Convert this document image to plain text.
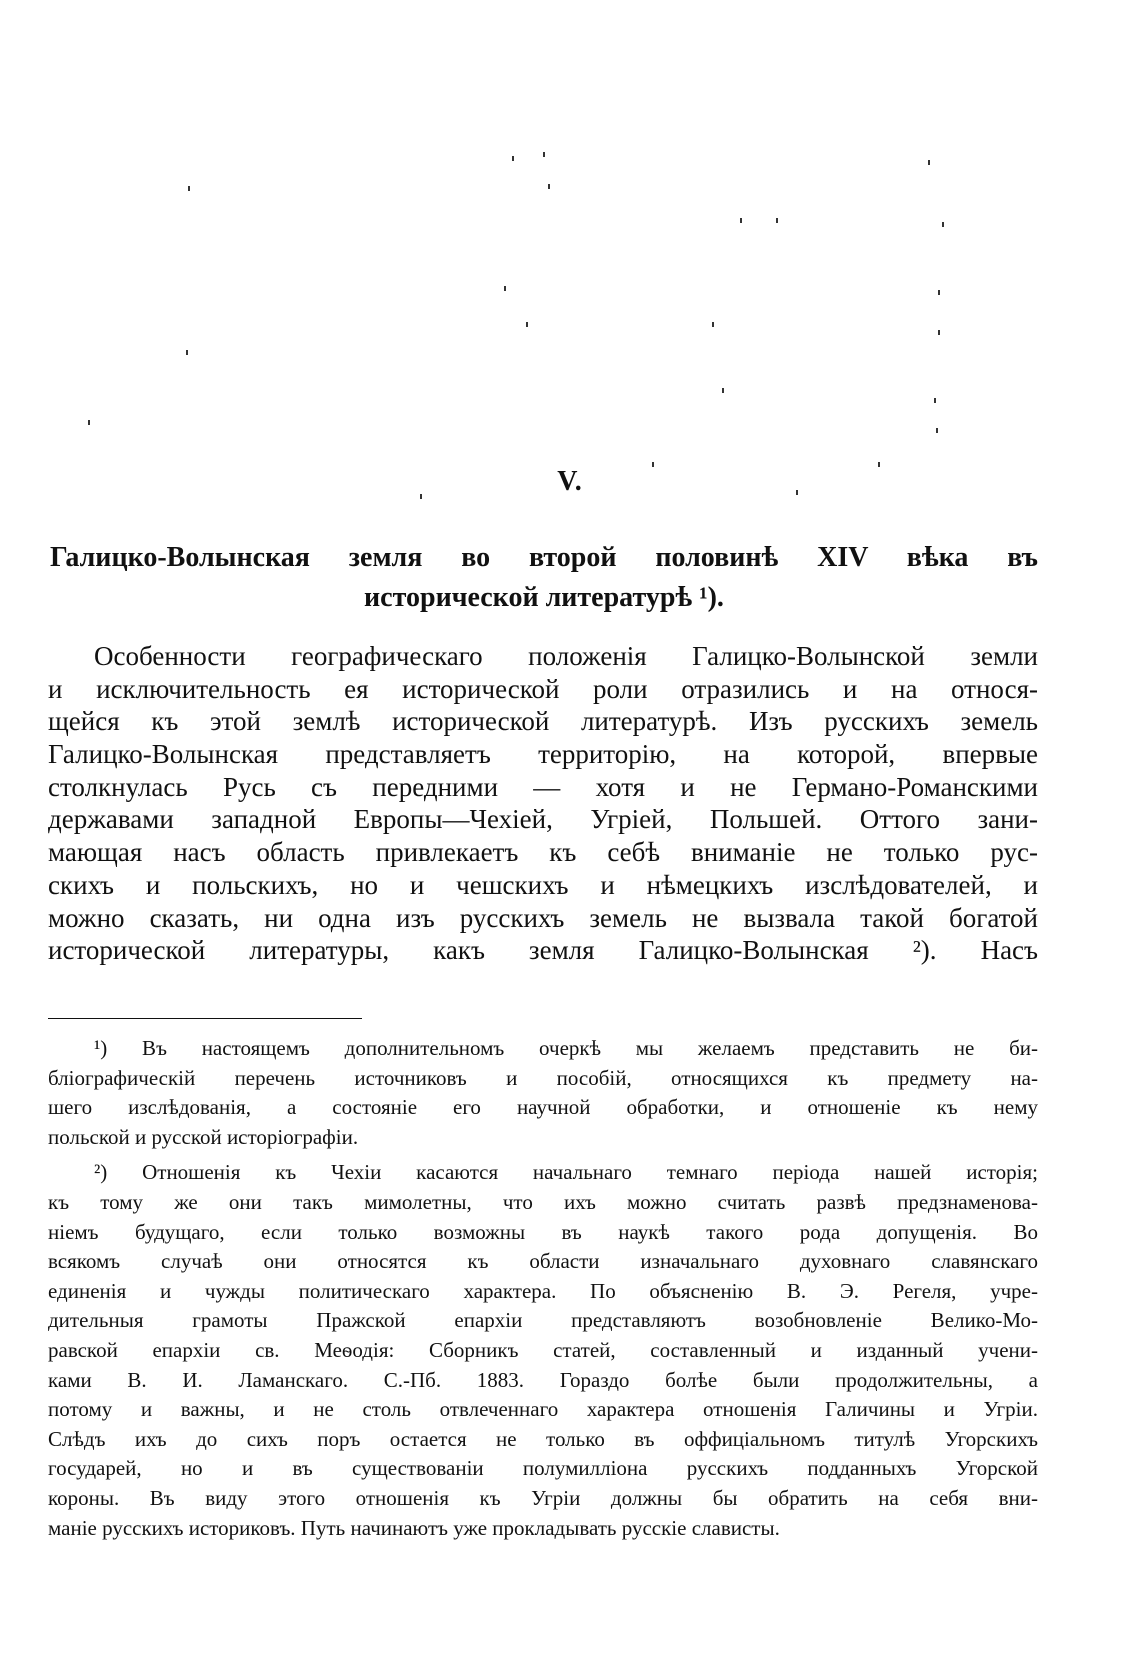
V.
Галицко-Волынская земля во второй половинѣ XIV вѣка въ
исторической литературѣ ¹).
Особенности географическаго положенія Галицко-Волынской земли
и исключительность ея исторической роли отразились и на относя-
щейся къ этой землѣ исторической литературѣ. Изъ русскихъ земель
Галицко-Волынская представляетъ территорію, на которой, впервые
столкнулась Русь съ передними — хотя и не Германо-Романскими
державами западной Европы—Чехіей, Угріей, Польшей. Оттого зани-
мающая насъ область привлекаетъ къ себѣ вниманіе не только рус-
скихъ и польскихъ, но и чешскихъ и нѣмецкихъ изслѣдователей, и
можно сказать, ни одна изъ русскихъ земель не вызвала такой богатой
исторической литературы, какъ земля Галицко-Волынская ²). Насъ
¹) Въ настоящемъ дополнительномъ очеркѣ мы желаемъ представить не би-
бліографическій перечень источниковъ и пособій, относящихся къ предмету на-
шего изслѣдованія, а состояніе его научной обработки, и отношеніе къ нему
польской и русской исторіографіи.
²) Отношенія къ Чехіи касаются начальнаго темнаго періода нашей исторія;
къ тому же они такъ мимолетны, что ихъ можно считать развѣ предзнаменова-
ніемъ будущаго, если только возможны въ наукѣ такого рода допущенія. Во
всякомъ случаѣ они относятся къ области изначальнаго духовнаго славянскаго
единенія и чужды политическаго характера. По объясненію В. Э. Регеля, учре-
дительныя грамоты Пражской епархіи представляютъ возобновленіе Велико-Мо-
равской епархіи св. Меѳодія: Сборникъ статей, составленный и изданный учени-
ками В. И. Ламанскаго. С.-Пб. 1883. Гораздо болѣе были продолжительны, а
потому и важны, и не столь отвлеченнаго характера отношенія Галичины и Угріи.
Слѣдъ ихъ до сихъ поръ остается не только въ оффиціальномъ титулѣ Угорскихъ
государей, но и въ существованіи полумилліона русскихъ подданныхъ Угорской
короны. Въ виду этого отношенія къ Угріи должны бы обратить на себя вни-
маніе русскихъ историковъ. Путь начинаютъ уже прокладывать русскіе слависты.
